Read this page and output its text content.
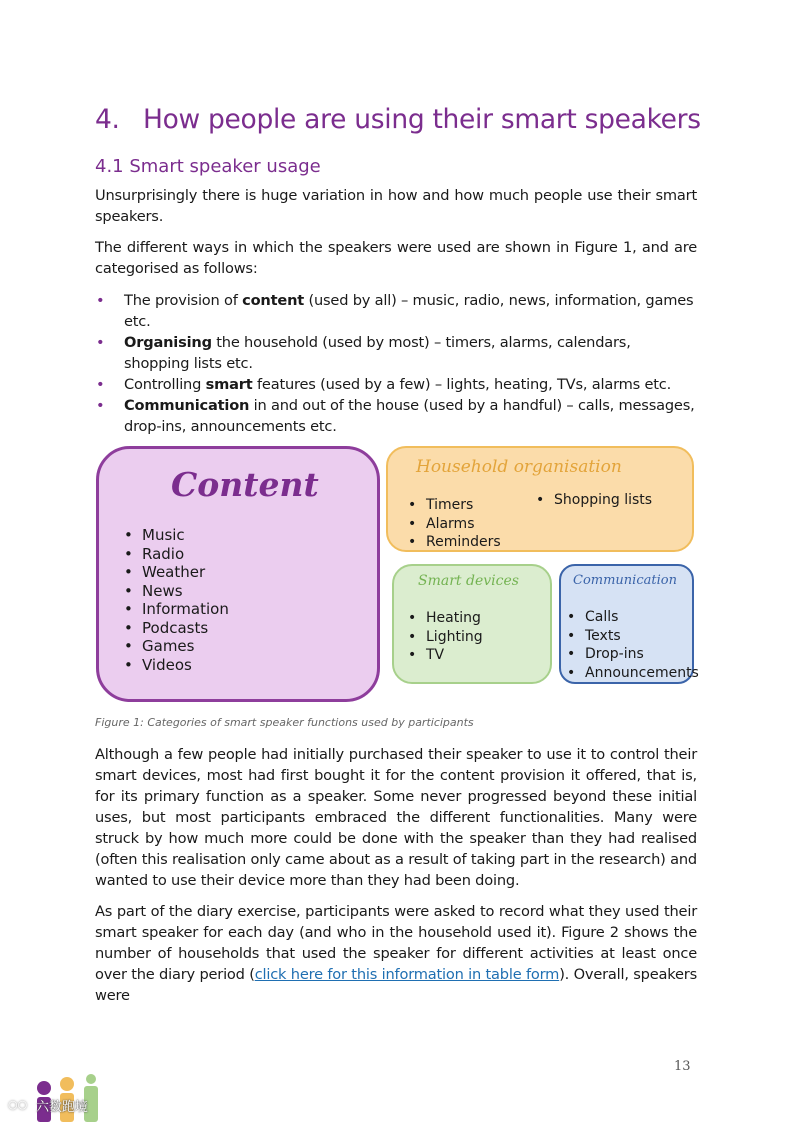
4. How people are using their smart speakers
4.1 Smart speaker usage

Unsurprisingly there is huge variation in how and how much people use their smart speakers.

The different ways in which the speakers were used are shown in Figure 1, and are categorised as follows:

• The provision of content (used by all) – music, radio, news, information, games etc.
• Organising the household (used by most) – timers, alarms, calendars, shopping lists etc.
• Controlling smart features (used by a few) – lights, heating, TVs, alarms etc.
• Communication in and out of the house (used by a handful) – calls, messages, drop-ins, announcements etc.
Content
• Music
• Radio
• Weather
• News
• Information
• Podcasts
• Games
• Videos
Household organisation
• Timers
• Alarms
• Reminders
• Shopping lists
Smart devices
• Heating
• Lighting
• TV
Communication
• Calls
• Texts
• Drop-ins
• Announcements
Figure 1: Categories of smart speaker functions used by participants

Although a few people had initially purchased their speaker to use it to control their smart devices, most had first bought it for the content provision it offered, that is, for its primary function as a speaker. Some never progressed beyond these initial uses, but most participants embraced the different functionalities. Many were struck by how much more could be done with the speaker than they had realised (often this realisation only came about as a result of taking part in the research) and wanted to use their device more than they had been doing.

As part of the diary exercise, participants were asked to record what they used their smart speaker for each day (and who in the household used it). Figure 2 shows the number of households that used the speaker for different activities at least once over the diary period (click here for this information in table form). Overall, speakers were

13
○○ 六数跑境
